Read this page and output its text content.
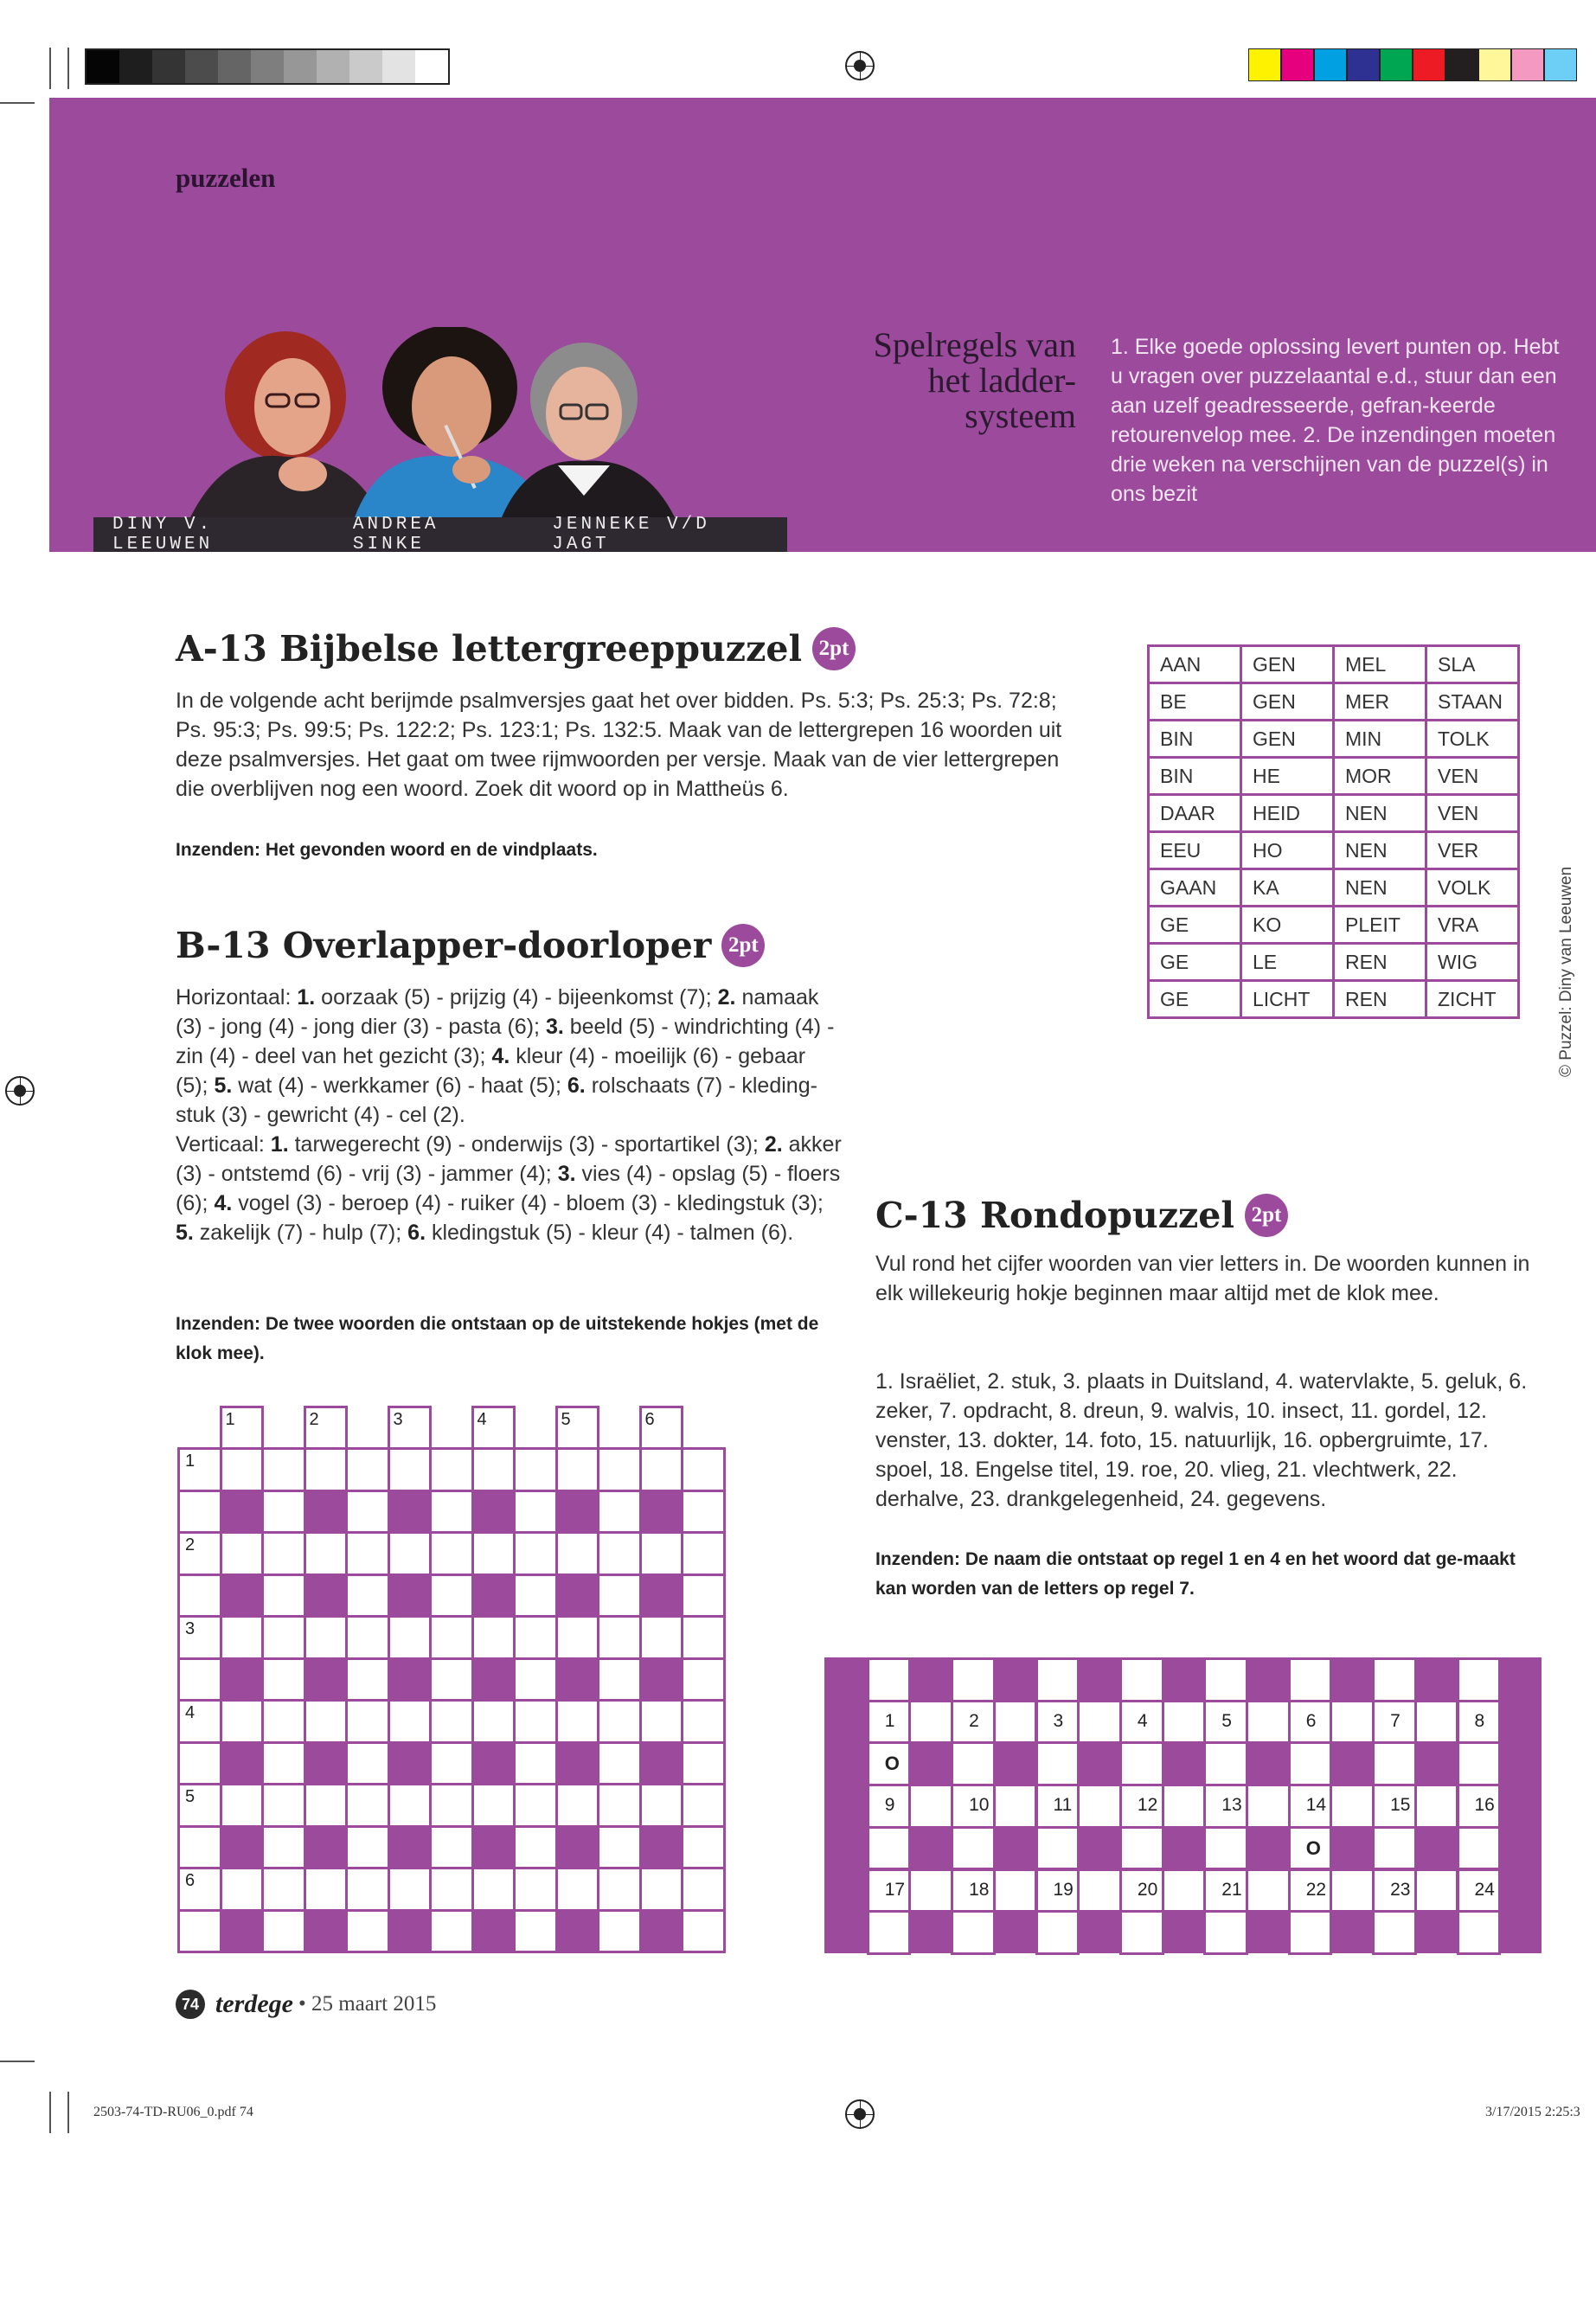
puzzelen
DINY V. LEEUWEN
ANDREA SINKE
JENNEKE V/D JAGT
Spelregels van het ladder-systeem
1. Elke goede oplossing levert punten op. Hebt u vragen over puzzelaantal e.d., stuur dan een aan uzelf geadresseerde, gefran-keerde retourenvelop mee. 2. De inzendingen moeten drie weken na verschijnen van de puzzel(s) in ons bezit
A-13 Bijbelse lettergreeppuzzel 2pt
In de volgende acht berijmde psalmversjes gaat het over bidden. Ps. 5:3; Ps. 25:3; Ps. 72:8; Ps. 95:3; Ps. 99:5; Ps. 122:2; Ps. 123:1; Ps. 132:5. Maak van de lettergrepen 16 woorden uit deze psalmversjes. Het gaat om twee rijmwoorden per versje. Maak van de vier lettergrepen die overblijven nog een woord. Zoek dit woord op in Mattheüs 6.
Inzenden: Het gevonden woord en de vindplaats.
AAN	GEN	MEL	SLA
BE	GEN	MER	STAAN
BIN	GEN	MIN	TOLK
BIN	HE	MOR	VEN
DAAR	HEID	NEN	VEN
EEU	HO	NEN	VER
GAAN	KA	NEN	VOLK
GE	KO	PLEIT	VRA
GE	LE	REN	WIG
GE	LICHT	REN	ZICHT	© Puzzel: Diny van Leeuwen
B-13 Overlapper-doorloper 2pt
Horizontaal: 1. oorzaak (5) - prijzig (4) - bijeenkomst (7); 2. namaak (3) - jong (4) - jong dier (3) - pasta (6); 3. beeld (5) - windrichting (4) - zin (4) - deel van het gezicht (3); 4. kleur (4) - moeilijk (6) - gebaar (5); 5. wat (4) - werkkamer (6) - haat (5); 6. rolschaats (7) - kleding-stuk (3) - gewricht (4) - cel (2).
Verticaal: 1. tarwegerecht (9) - onderwijs (3) - sportartikel (3); 2. akker (3) - ontstemd (6) - vrij (3) - jammer (4); 3. vies (4) - opslag (5) - floers (6); 4. vogel (3) - beroep (4) - ruiker (4) - bloem (3) - kledingstuk (3); 5. zakelijk (7) - hulp (7); 6. kledingstuk (5) - kleur (4) - talmen (6).
Inzenden: De twee woorden die ontstaan op de uitstekende hokjes (met de klok mee).
1	2	3	4	5	6
1
2
3
4
5
6
C-13 Rondopuzzel 2pt
Vul rond het cijfer woorden van vier letters in. De woorden kunnen in elk willekeurig hokje beginnen maar altijd met de klok mee.
1. Israëliet, 2. stuk, 3. plaats in Duitsland, 4. watervlakte, 5. geluk, 6. zeker, 7. opdracht, 8. dreun, 9. walvis, 10. insect, 11. gordel, 12. venster, 13. dokter, 14. foto, 15. natuurlijk, 16. opbergruimte, 17. spoel, 18. Engelse titel, 19. roe, 20. vlieg, 21. vlechtwerk, 22. derhalve, 23. drankgelegenheid, 24. gegevens.
Inzenden: De naam die ontstaat op regel 1 en 4 en het woord dat ge-maakt kan worden van de letters op regel 7.
1	2	3	4	5	6	7	8
O
9	10	11	12	13	14	15	16
O
17	18	19	20	21	22	23	24
74 terdege • 25 maart 2015
2503-74-TD-RU06_0.pdf 74	3/17/2015 2:25:3
